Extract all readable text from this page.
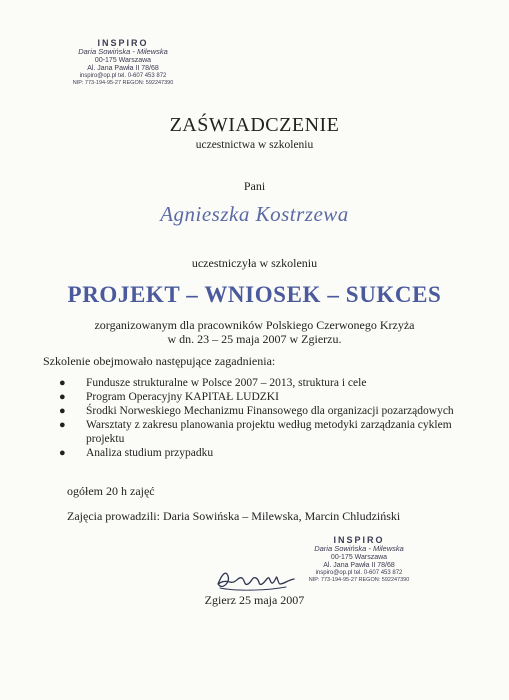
INSPIRO
Daria Sowińska - Milewska
00-175 Warszawa
Al. Jana Pawła II 78/68
inspiro@op.pl tel. 0-607 453 872
NIP: 773-194-95-27 REGON: 592247390
ZAŚWIADCZENIE
uczestnictwa w szkoleniu
Pani
Agnieszka Kostrzewa
uczestniczyła w szkoleniu
PROJEKT – WNIOSEK – SUKCES
zorganizowanym dla pracowników Polskiego Czerwonego Krzyża
w dn. 23 – 25 maja 2007 w Zgierzu.
Szkolenie obejmowało następujące zagadnienia:
● Fundusze strukturalne w Polsce 2007 – 2013, struktura i cele
● Program Operacyjny KAPITAŁ LUDZKI
● Środki Norweskiego Mechanizmu Finansowego dla organizacji pozarządowych
● Warsztaty z zakresu planowania projektu według metodyki zarządzania cyklem projektu
● Analiza studium przypadku
ogółem 20 h zajęć
Zajęcia prowadzili: Daria Sowińska – Milewska, Marcin Chludziński
INSPIRO
Daria Sowińska - Milewska
00-175 Warszawa
Al. Jana Pawła II 78/68
inspiro@op.pl tel. 0-607 453 872
NIP: 773-194-95-27 REGON: 592247390
Zgierz 25 maja 2007
